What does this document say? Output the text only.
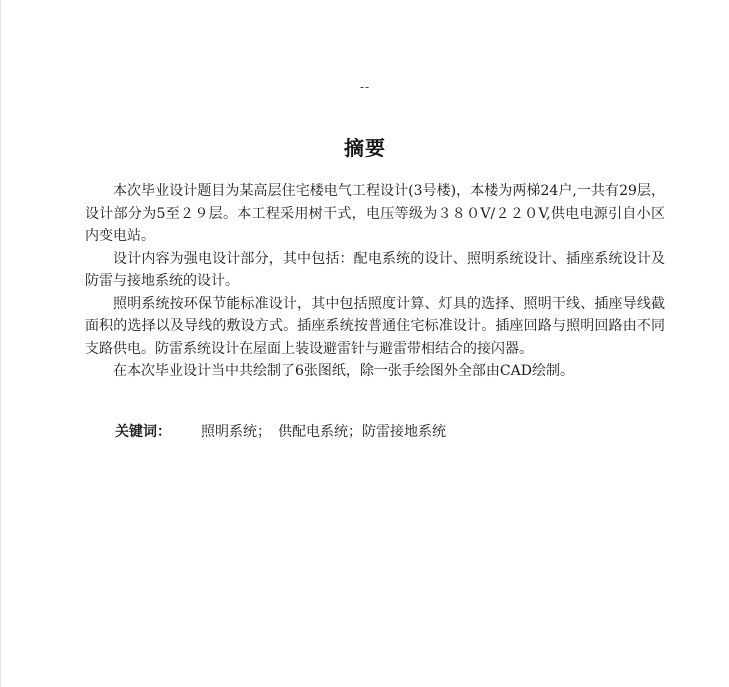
--
摘要

本次毕业设计题目为某高层住宅楼电气工程设计(3号楼)，本楼为两梯24户,一共有29层，设计部分为5至２９层。本工程采用树干式，电压等级为３８０V/２２０V,供电电源引自小区内变电站。

设计内容为强电设计部分，其中包括：配电系统的设计、照明系统设计、插座系统设计及防雷与接地系统的设计。

照明系统按环保节能标准设计，其中包括照度计算、灯具的选择、照明干线、插座导线截面积的选择以及导线的敷设方式。插座系统按普通住宅标准设计。插座回路与照明回路由不同支路供电。防雷系统设计在屋面上装设避雷针与避雷带相结合的接闪器。

在本次毕业设计当中共绘制了6张图纸，除一张手绘图外全部由CAD绘制。

关键词： 照明系统；　供配电系统；防雷接地系统
